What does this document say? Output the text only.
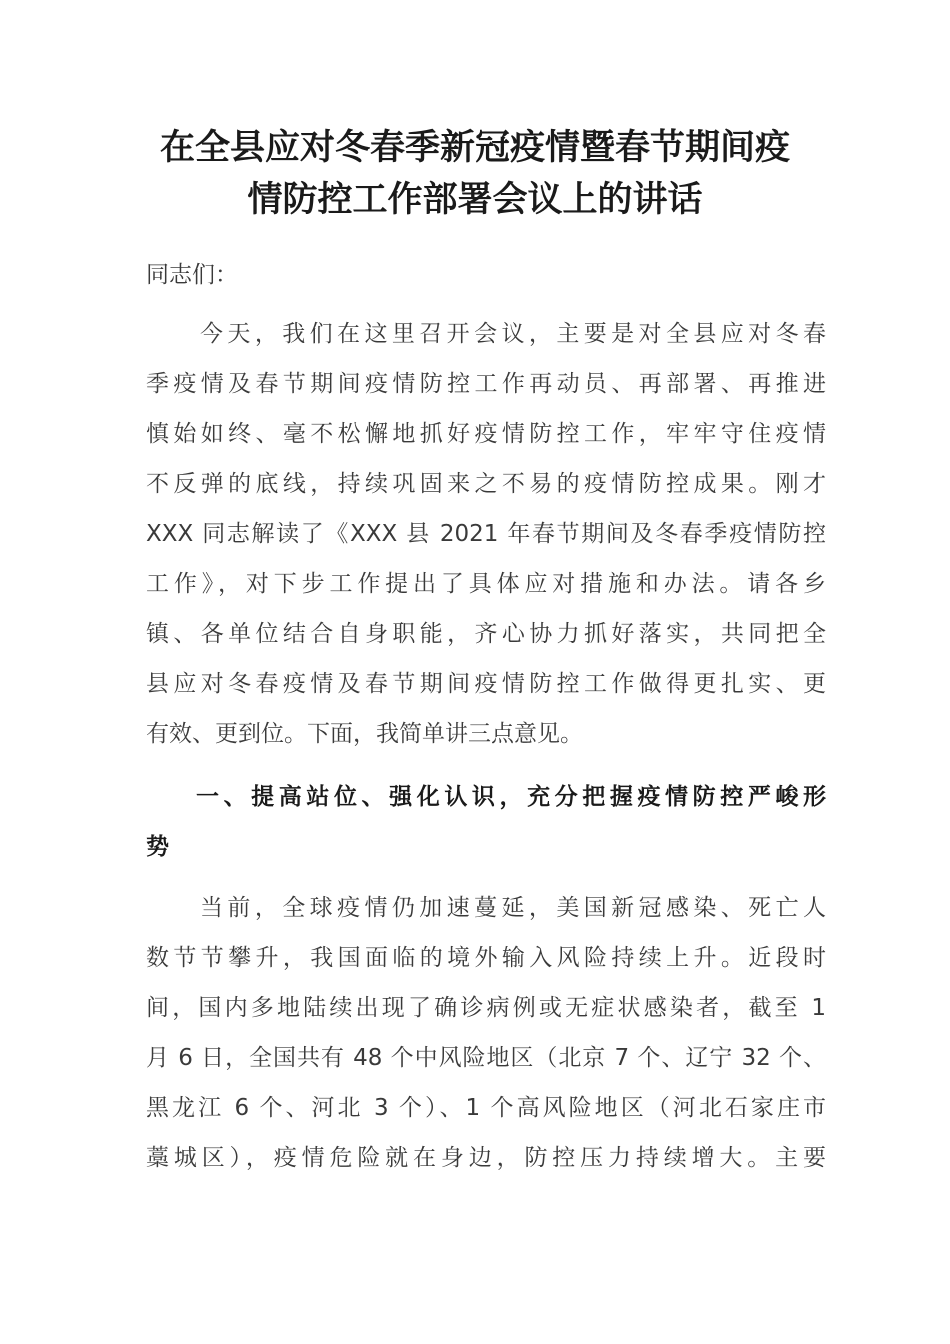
在全县应对冬春季新冠疫情暨春节期间疫
情防控工作部署会议上的讲话
同志们：
今天，我们在这里召开会议，主要是对全县应对冬春
季疫情及春节期间疫情防控工作再动员、再部署、再推进
慎始如终、毫不松懈地抓好疫情防控工作，牢牢守住疫情
不反弹的底线，持续巩固来之不易的疫情防控成果。刚才
XXX 同志解读了《XXX 县 2021 年春节期间及冬春季疫情防控
工作》，对下步工作提出了具体应对措施和办法。请各乡
镇、各单位结合自身职能，齐心协力抓好落实，共同把全
县应对冬春疫情及春节期间疫情防控工作做得更扎实、更
有效、更到位。下面，我简单讲三点意见。
一、提高站位、强化认识，充分把握疫情防控严峻形
势
当前，全球疫情仍加速蔓延，美国新冠感染、死亡人
数节节攀升，我国面临的境外输入风险持续上升。近段时
间，国内多地陆续出现了确诊病例或无症状感染者，截至 1
月 6 日，全国共有 48 个中风险地区（北京 7 个、辽宁 32 个、
黑龙江 6 个、河北 3 个）、1 个高风险地区（河北石家庄市
藁城区），疫情危险就在身边，防控压力持续增大。主要
